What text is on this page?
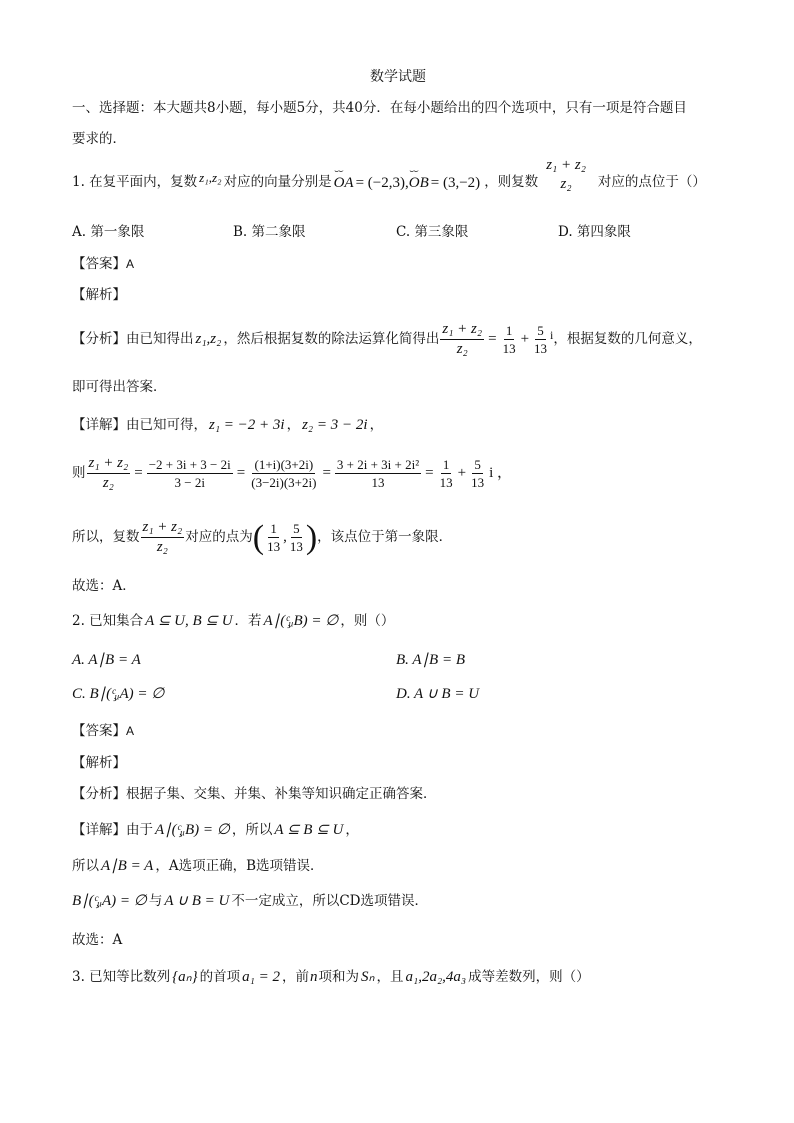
数学试题
一、选择题：本大题共8小题，每小题5分，共40分．在每小题给出的四个选项中，只有一项是符合题目
要求的．
1. 在复平面内，复数 z₁,z₂ 对应的向量分别是 ⌣⌣ OA = (−2,3), ⌣⌣ OB = (3,−2) ，则复数
z₁ + z₂
z₂ 对应的点位于（）
A. 第一象限	B. 第二象限	C. 第三象限	D. 第四象限
【答案】A
【解析】
【分析】 由已知得出 z₁,z₂ ，然后根据复数的除法运算化简得出 $\frac{\text{z₁ + z₂}}{\text{z₂}} = \frac{1}{13} + \frac{5}{13}$ i ，根据复数的几何意义，
即可得出答案．
【详解】 由已知可得， z₁ = −2 + 3i ， z₂ = 3 − 2i ，
则 $\frac{\text{z₁ + z₂}}{\text{z₂}} = \frac{-2 + 3i + 3 - 2i}{3 - 2i} = \frac{(1+i)(3+2i)}{(3-2i)(3+2i)} = \frac{\text{3 + 2i + 3i + 2i²}}{13} = \frac{1}{13} + \frac{5}{13}$ i ，
所以，复数 $\frac{\text{z₁ + z₂}}{\text{z₂}}$ 对应的点为 ( $\frac{1}{13}$ , $\frac{5}{13}$ ) ，该点位于第一象限．
故选：A．
2. 已知集合 A ⊆ U, B ⊆ U ．若 A∣(ᶜ̧ᵤB) = ∅ ，则（）
A. A∣B = A	B. A∣B = B
C. B∣(ᶜ̧ᵤA) = ∅	D. A ∪ B = U
【答案】A
【解析】
【分析】根据子集、交集、并集、补集等知识确定正确答案．
【详解】 由于 A∣(ᶜ̧ᵤB) = ∅ ，所以 A ⊆ B ⊆ U ，
所以 A∣B = A ，A选项正确，B选项错误．
B∣(ᶜ̧ᵤA) = ∅ 与 A ∪ B = U 不一定成立，所以CD选项错误．
故选：A
3. 已知等比数列 {aₙ} 的首项 a₁ = 2 ，前 n 项和为 Sₙ ，且 a₁,2a₂,4a₃ 成等差数列，则（）
